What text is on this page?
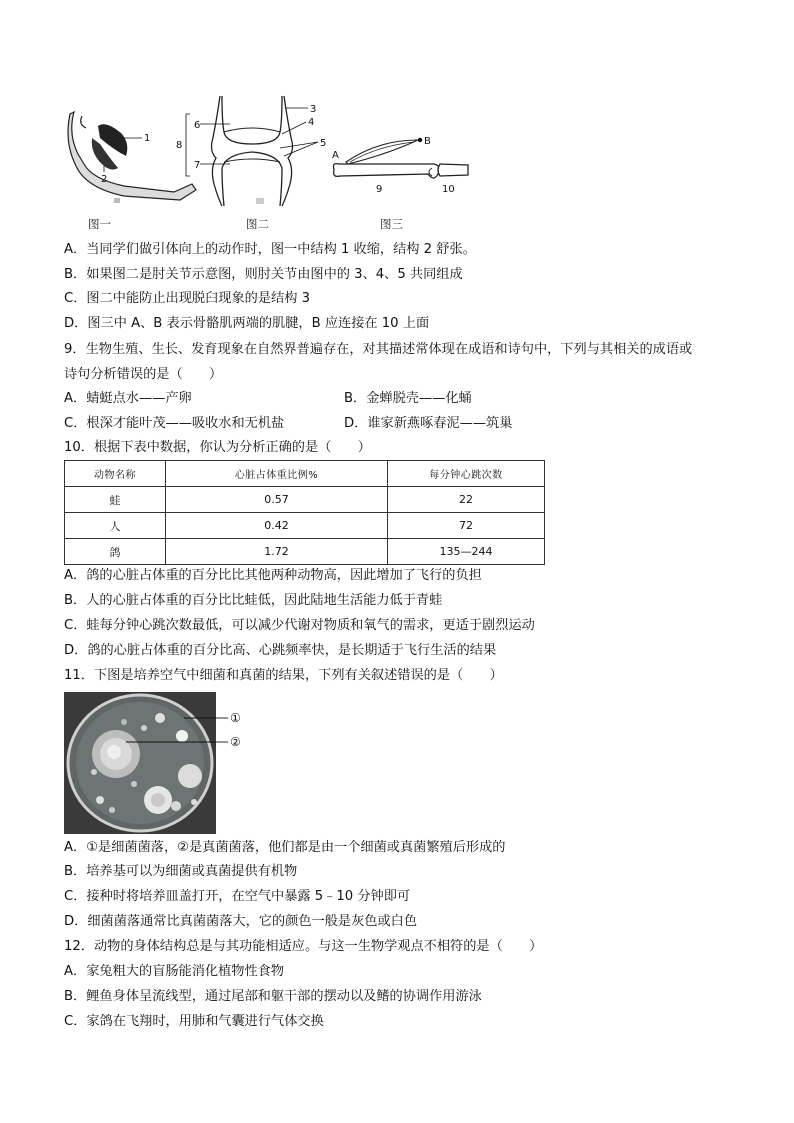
1
2
6
7
8
3
4
5
A
B
9	10
图一	图二	图三
A．当同学们做引体向上的动作时，图一中结构 1 收缩，结构 2 舒张。
B．如果图二是肘关节示意图，则肘关节由图中的 3、4、5 共同组成
C．图二中能防止出现脱臼现象的是结构 3
D．图三中 A、B 表示骨骼肌两端的肌腱，B 应连接在 10 上面
9．生物生殖、生长、发育现象在自然界普遍存在，对其描述常体现在成语和诗句中，下列与其相关的成语或
诗句分析错误的是（　　）
A．蜻蜓点水——产卵	B．金蝉脱壳——化蛹
C．根深才能叶茂——吸收水和无机盐	D．谁家新燕啄春泥——筑巢
10．根据下表中数据，你认为分析正确的是（　　）
动物名称	心脏占体重比例%	每分钟心跳次数
蛙	0.57	22
人	0.42	72
鸽	1.72	135—244
A．鸽的心脏占体重的百分比比其他两种动物高，因此增加了飞行的负担
B．人的心脏占体重的百分比比蛙低，因此陆地生活能力低于青蛙
C．蛙每分钟心跳次数最低，可以减少代谢对物质和氧气的需求，更适于剧烈运动
D．鸽的心脏占体重的百分比高、心跳频率快，是长期适于飞行生活的结果
11．下图是培养空气中细菌和真菌的结果，下列有关叙述错误的是（　　）
①
②
A．①是细菌菌落，②是真菌菌落，他们都是由一个细菌或真菌繁殖后形成的
B．培养基可以为细菌或真菌提供有机物
C．接种时将培养皿盖打开，在空气中暴露 5﹣10 分钟即可
D．细菌菌落通常比真菌菌落大，它的颜色一般是灰色或白色
12．动物的身体结构总是与其功能相适应。与这一生物学观点不相符的是（　　）
A．家兔粗大的盲肠能消化植物性食物
B．鲤鱼身体呈流线型，通过尾部和躯干部的摆动以及鳍的协调作用游泳
C．家鸽在飞翔时，用肺和气囊进行气体交换
